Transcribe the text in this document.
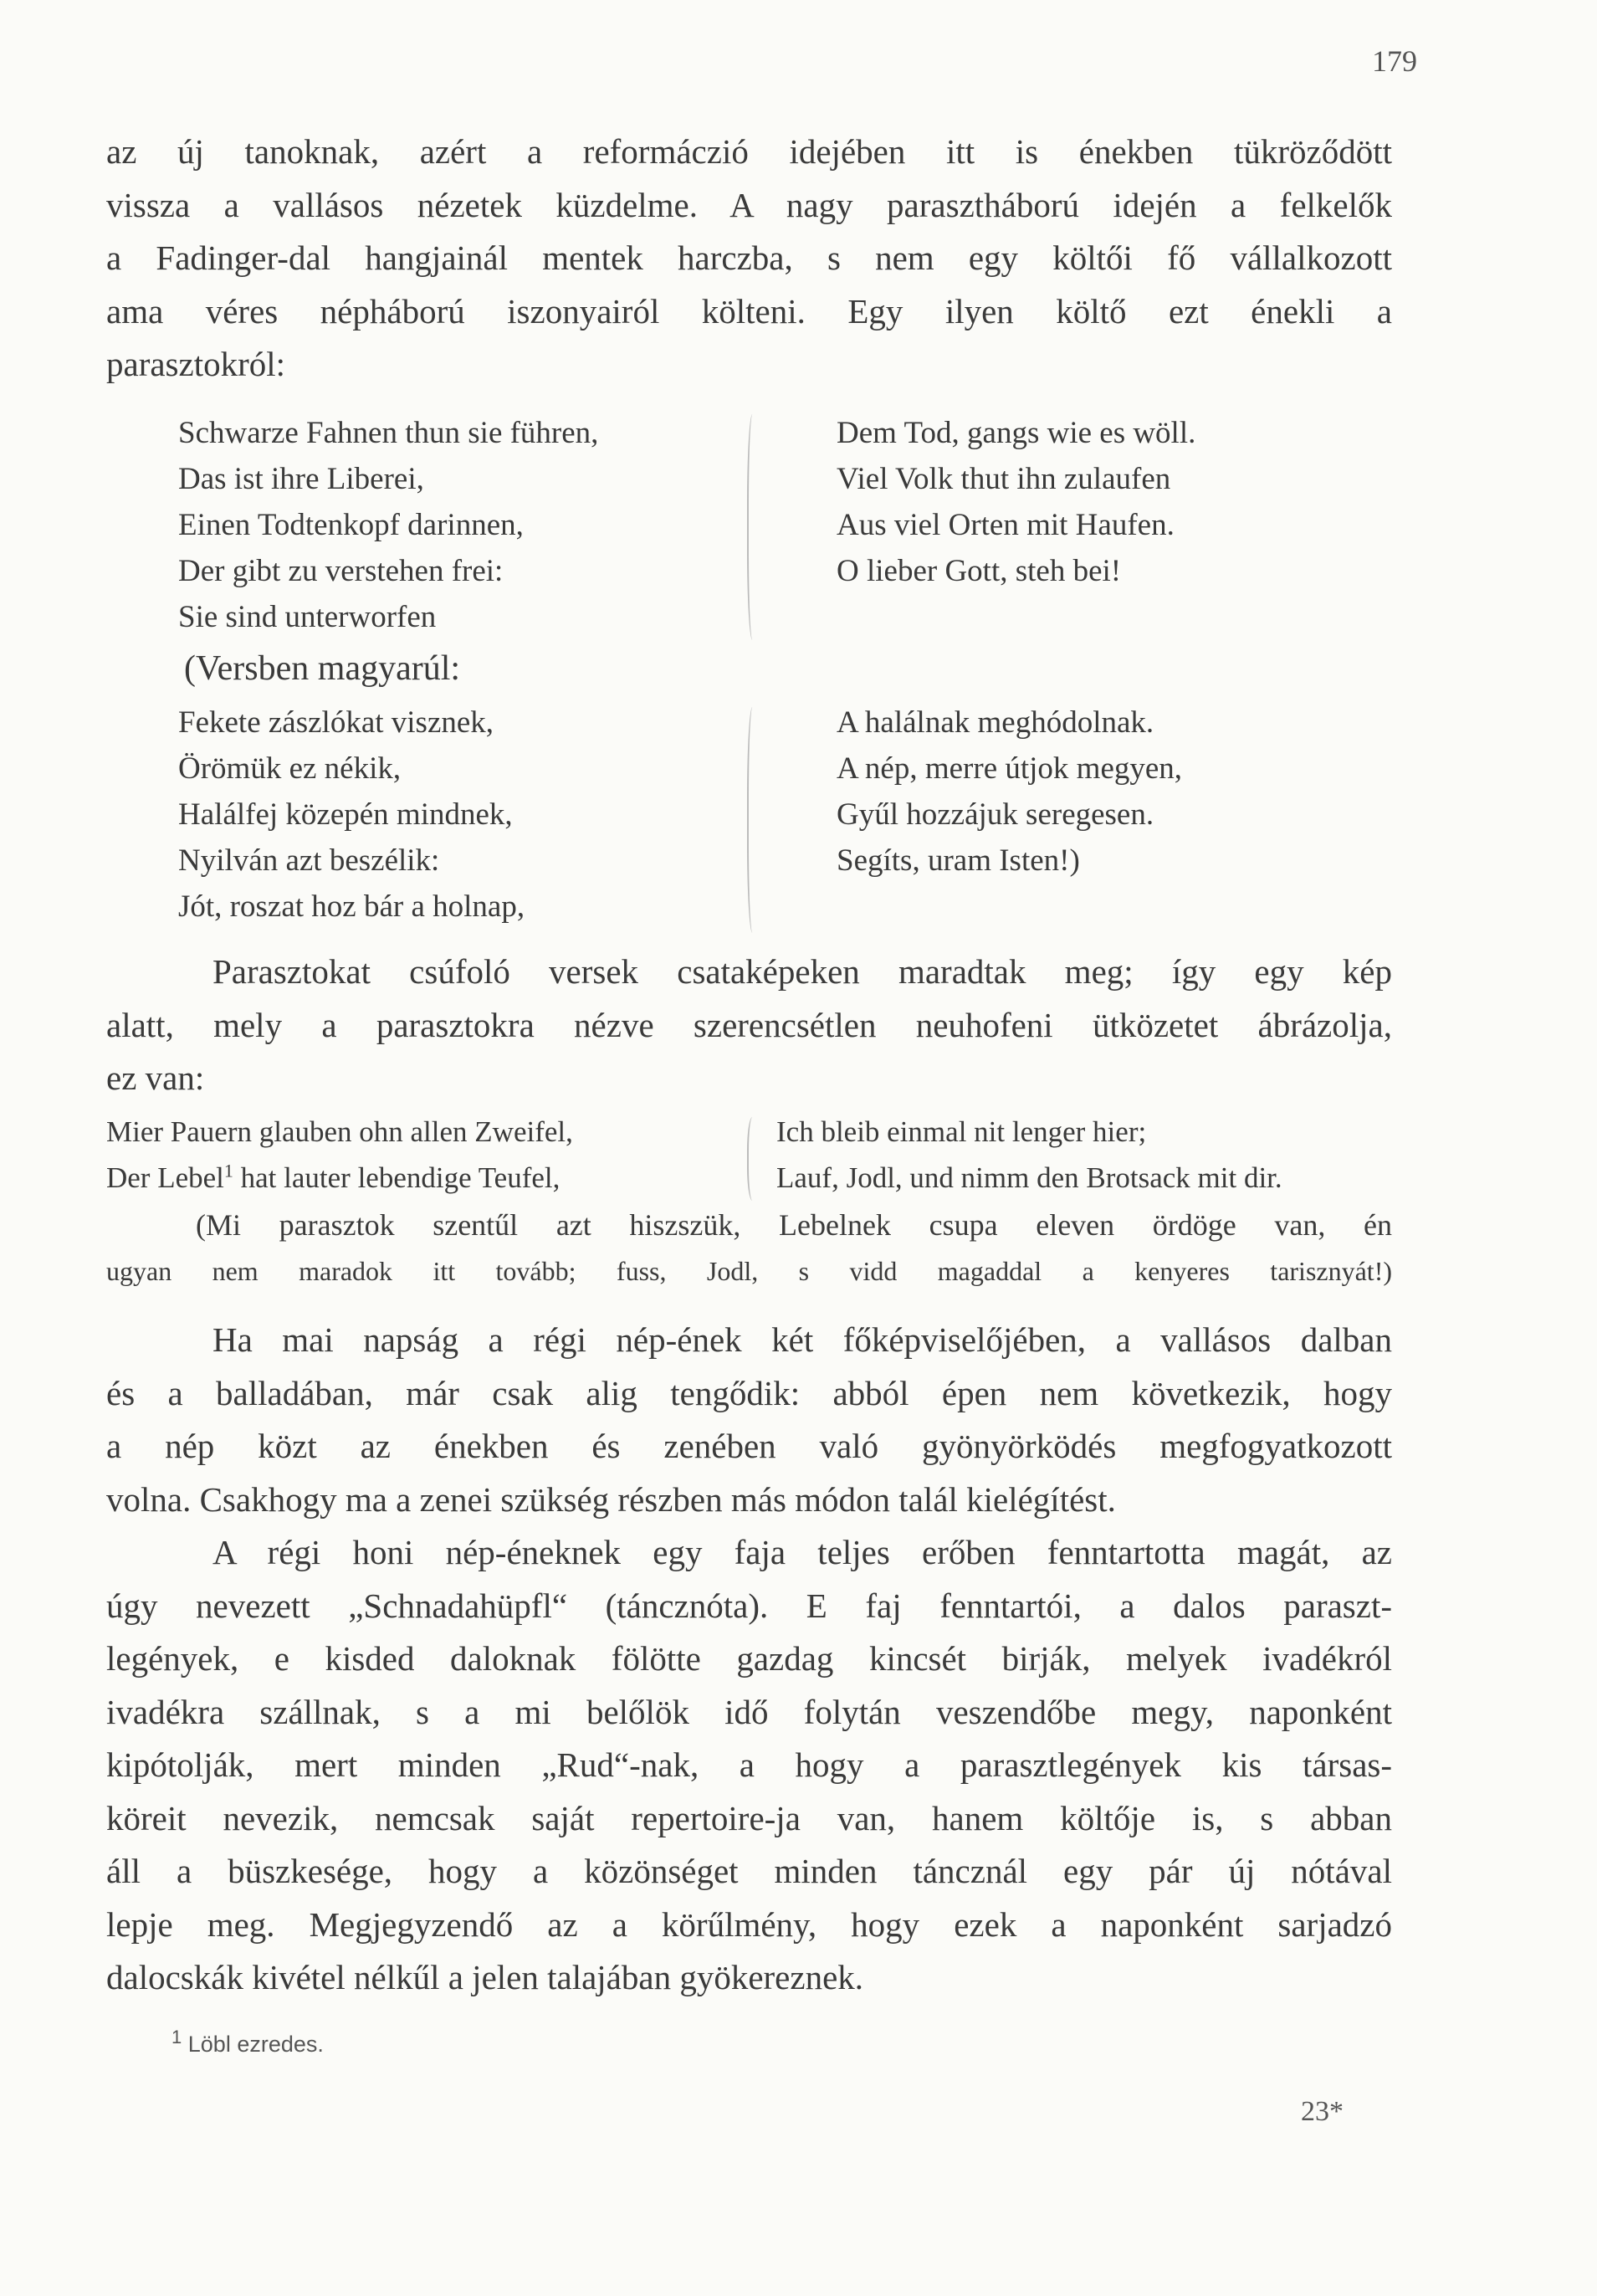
179

az új tanoknak, azért a reformáczió idejében itt is énekben tükröződött
vissza a vallásos nézetek küzdelme. A nagy parasztháború idején a felkelők
a Fadinger-dal hangjainál mentek harczba, s nem egy költői fő vállalkozott
ama véres népháború iszonyairól költeni. Egy ilyen költő ezt énekli a
parasztokról:

Schwarze Fahnen thun sie führen,
Das ist ihre Liberei,
Einen Todtenkopf darinnen,
Der gibt zu verstehen frei:
Sie sind unterworfen
Dem Tod, gangs wie es wöll.
Viel Volk thut ihn zulaufen
Aus viel Orten mit Haufen.
O lieber Gott, steh bei!
(Versben magyarúl:
Fekete zászlókat visznek,
Örömük ez nékik,
Halálfej közepén mindnek,
Nyilván azt beszélik:
Jót, roszat hoz bár a holnap,
A halálnak meghódolnak.
A nép, merre útjok megyen,
Gyűl hozzájuk seregesen.
Segíts, uram Isten!)

Parasztokat csúfoló versek csataképeken maradtak meg; így egy kép
alatt, mely a parasztokra nézve szerencsétlen neuhofeni ütközetet ábrázolja,
ez van:

Mier Pauern glauben ohn allen Zweifel,
Der Lebel$^1$ hat lauter lebendige Teufel,
Ich bleib einmal nit lenger hier;
Lauf, Jodl, und nimm den Brotsack mit dir.

(Mi parasztok szentűl azt hiszszük, Lebelnek csupa eleven ördöge van, én
ugyan nem maradok itt tovább; fuss, Jodl, s vidd magaddal a kenyeres tarisznyát!)

Ha mai napság a régi nép-ének két főképviselőjében, a vallásos dalban
és a balladában, már csak alig tengődik: abból épen nem következik, hogy
a nép közt az énekben és zenében való gyönyörködés megfogyatkozott
volna. Csakhogy ma a zenei szükség részben más módon talál kielégítést.

A régi honi nép-éneknek egy faja teljes erőben fenntartotta magát, az
úgy nevezett „Schnadahüpfl“ (táncznóta). E faj fenntartói, a dalos paraszt-
legények, e kisded daloknak fölötte gazdag kincsét birják, melyek ivadékról
ivadékra szállnak, s a mi belőlök idő folytán veszendőbe megy, naponként
kipótolják, mert minden „Rud“-nak, a hogy a parasztlegények kis társas-
köreit nevezik, nemcsak saját repertoire-ja van, hanem költője is, s abban
áll a büszkesége, hogy a közönséget minden táncznál egy pár új nótával
lepje meg. Megjegyzendő az a körűlmény, hogy ezek a naponként sarjadzó
dalocskák kivétel nélkűl a jelen talajában gyökereznek.

$^1$ Löbl ezredes.
23*
